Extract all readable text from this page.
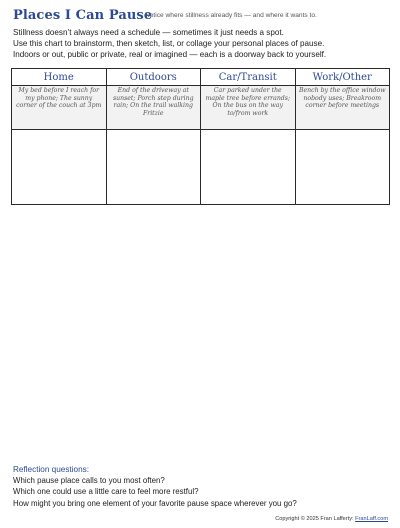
Places I Can Pause
Notice where stillness already fits — and where it wants to.
Stillness doesn’t always need a schedule — sometimes it just needs a spot.
Use this chart to brainstorm, then sketch, list, or collage your personal places of pause.
Indoors or out, public or private, real or imagined — each is a doorway back to yourself.
Home	Outdoors	Car/Transit	Work/Other
My bed before I reach for my phone; The sunny corner of the couch at 3pm	End of the driveway at sunset; Porch step during rain; On the trail walking Fritzie	Car parked under the maple tree before errands; On the bus on the way to/from work	Bench by the office window nobody uses; Breakroom corner before meetings

Reflection questions:
Which pause place calls to you most often?
Which one could use a little care to feel more restful?
How might you bring one element of your favorite pause space wherever you go?
Copyright © 2025 Fran Lafferty: FranLaff.com
